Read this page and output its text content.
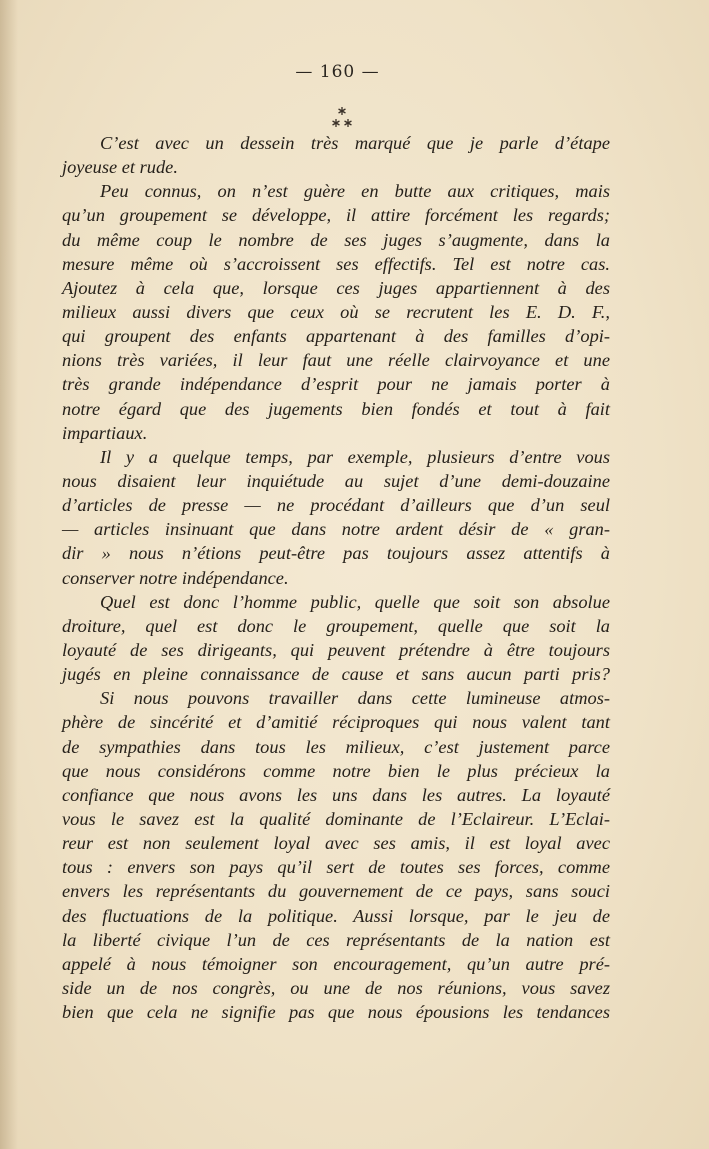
— 160 —
C’est avec un dessein très marqué que je parle d’étape
joyeuse et rude.
Peu connus, on n’est guère en butte aux critiques, mais
qu’un groupement se développe, il attire forcément les regards;
du même coup le nombre de ses juges s’augmente, dans la
mesure même où s’accroissent ses effectifs. Tel est notre cas.
Ajoutez à cela que, lorsque ces juges appartiennent à des
milieux aussi divers que ceux où se recrutent les E. D. F.,
qui groupent des enfants appartenant à des familles d’opi-
nions très variées, il leur faut une réelle clairvoyance et une
très grande indépendance d’esprit pour ne jamais porter à
notre égard que des jugements bien fondés et tout à fait
impartiaux.
Il y a quelque temps, par exemple, plusieurs d’entre vous
nous disaient leur inquiétude au sujet d’une demi-douzaine
d’articles de presse — ne procédant d’ailleurs que d’un seul
— articles insinuant que dans notre ardent désir de « gran-
dir » nous n’étions peut-être pas toujours assez attentifs à
conserver notre indépendance.
Quel est donc l’homme public, quelle que soit son absolue
droiture, quel est donc le groupement, quelle que soit la
loyauté de ses dirigeants, qui peuvent prétendre à être toujours
jugés en pleine connaissance de cause et sans aucun parti pris?
Si nous pouvons travailler dans cette lumineuse atmos-
phère de sincérité et d’amitié réciproques qui nous valent tant
de sympathies dans tous les milieux, c’est justement parce
que nous considérons comme notre bien le plus précieux la
confiance que nous avons les uns dans les autres. La loyauté
vous le savez est la qualité dominante de l’Eclaireur. L’Eclai-
reur est non seulement loyal avec ses amis, il est loyal avec
tous : envers son pays qu’il sert de toutes ses forces, comme
envers les représentants du gouvernement de ce pays, sans souci
des fluctuations de la politique. Aussi lorsque, par le jeu de
la liberté civique l’un de ces représentants de la nation est
appelé à nous témoigner son encouragement, qu’un autre pré-
side un de nos congrès, ou une de nos réunions, vous savez
bien que cela ne signifie pas que nous épousions les tendances
